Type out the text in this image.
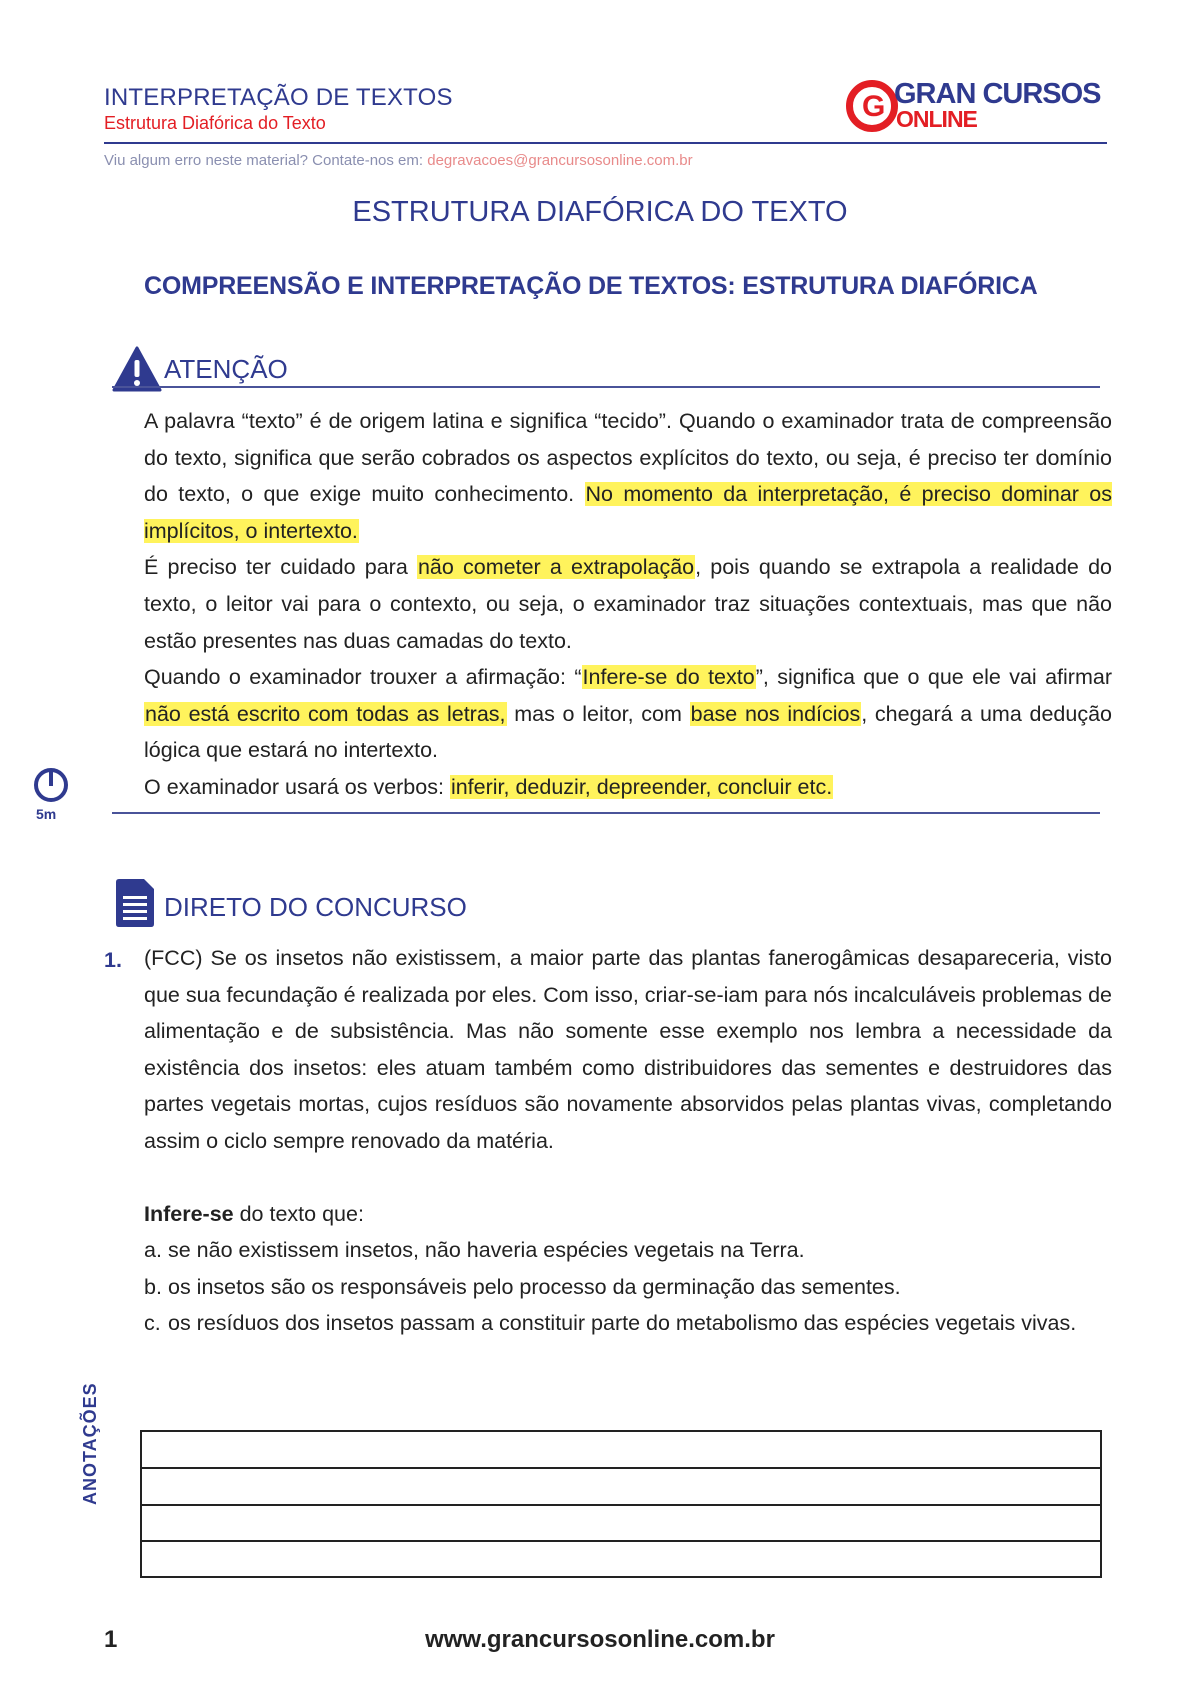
INTERPRETAÇÃO DE TEXTOS
Estrutura Diafórica do Texto
Viu algum erro neste material? Contate-nos em: degravacoes@grancursosonline.com.br
G GRAN CURSOS
ONLINE
ESTRUTURA DIAFÓRICA DO TEXTO
COMPREENSÃO E INTERPRETAÇÃO DE TEXTOS: ESTRUTURA DIAFÓRICA
ATENÇÃO

A palavra “texto” é de origem latina e significa “tecido”. Quando o examinador trata de compreensão do texto, significa que serão cobrados os aspectos explícitos do texto, ou seja, é preciso ter domínio do texto, o que exige muito conhecimento. No momento da interpretação, é preciso dominar os implícitos, o intertexto.

É preciso ter cuidado para não cometer a extrapolação, pois quando se extrapola a realidade do texto, o leitor vai para o contexto, ou seja, o examinador traz situações contextuais, mas que não estão presentes nas duas camadas do texto.

Quando o examinador trouxer a afirmação: “Infere-se do texto”, significa que o que ele vai afirmar não está escrito com todas as letras, mas o leitor, com base nos indícios, chegará a uma dedução lógica que estará no intertexto.

O examinador usará os verbos: inferir, deduzir, depreender, concluir etc.

5m
DIRETO DO CONCURSO
1. (FCC) Se os insetos não existissem, a maior parte das plantas fanerogâmicas desapareceria, visto que sua fecundação é realizada por eles. Com isso, criar-se-iam para nós incalculáveis problemas de alimentação e de subsistência. Mas não somente esse exemplo nos lembra a necessidade da existência dos insetos: eles atuam também como distribuidores das sementes e destruidores das partes vegetais mortas, cujos resíduos são novamente absorvidos pelas plantas vivas, completando assim o ciclo sempre renovado da matéria.
Infere-se do texto que:
a. se não existissem insetos, não haveria espécies vegetais na Terra.
b. os insetos são os responsáveis pelo processo da germinação das sementes.
c. os resíduos dos insetos passam a constituir parte do metabolismo das espécies vegetais vivas.
ANOTAÇÕES
1	www.grancursosonline.com.br
